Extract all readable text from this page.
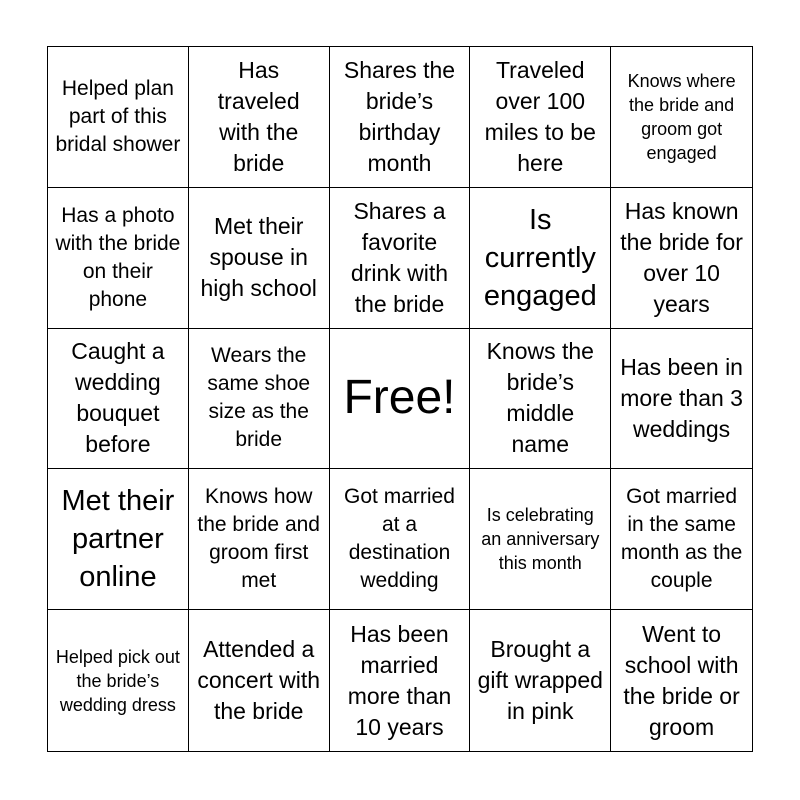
Helped plan part of this bridal shower
Has traveled with the bride
Shares the bride’s birthday month
Traveled over 100 miles to be here
Knows where the bride and groom got engaged
Has a photo with the bride on their phone
Met their spouse in high school
Shares a favorite drink with the bride
Is currently engaged
Has known the bride for over 10 years
Caught a wedding bouquet before
Wears the same shoe size as the bride
Free!
Knows the bride’s middle name
Has been in more than 3 weddings
Met their partner online
Knows how the bride and groom first met
Got married at a destination wedding
Is celebrating an anniversary this month
Got married in the same month as the couple
Helped pick out the bride’s wedding dress
Attended a concert with the bride
Has been married more than 10 years
Brought a gift wrapped in pink
Went to school with the bride or groom
